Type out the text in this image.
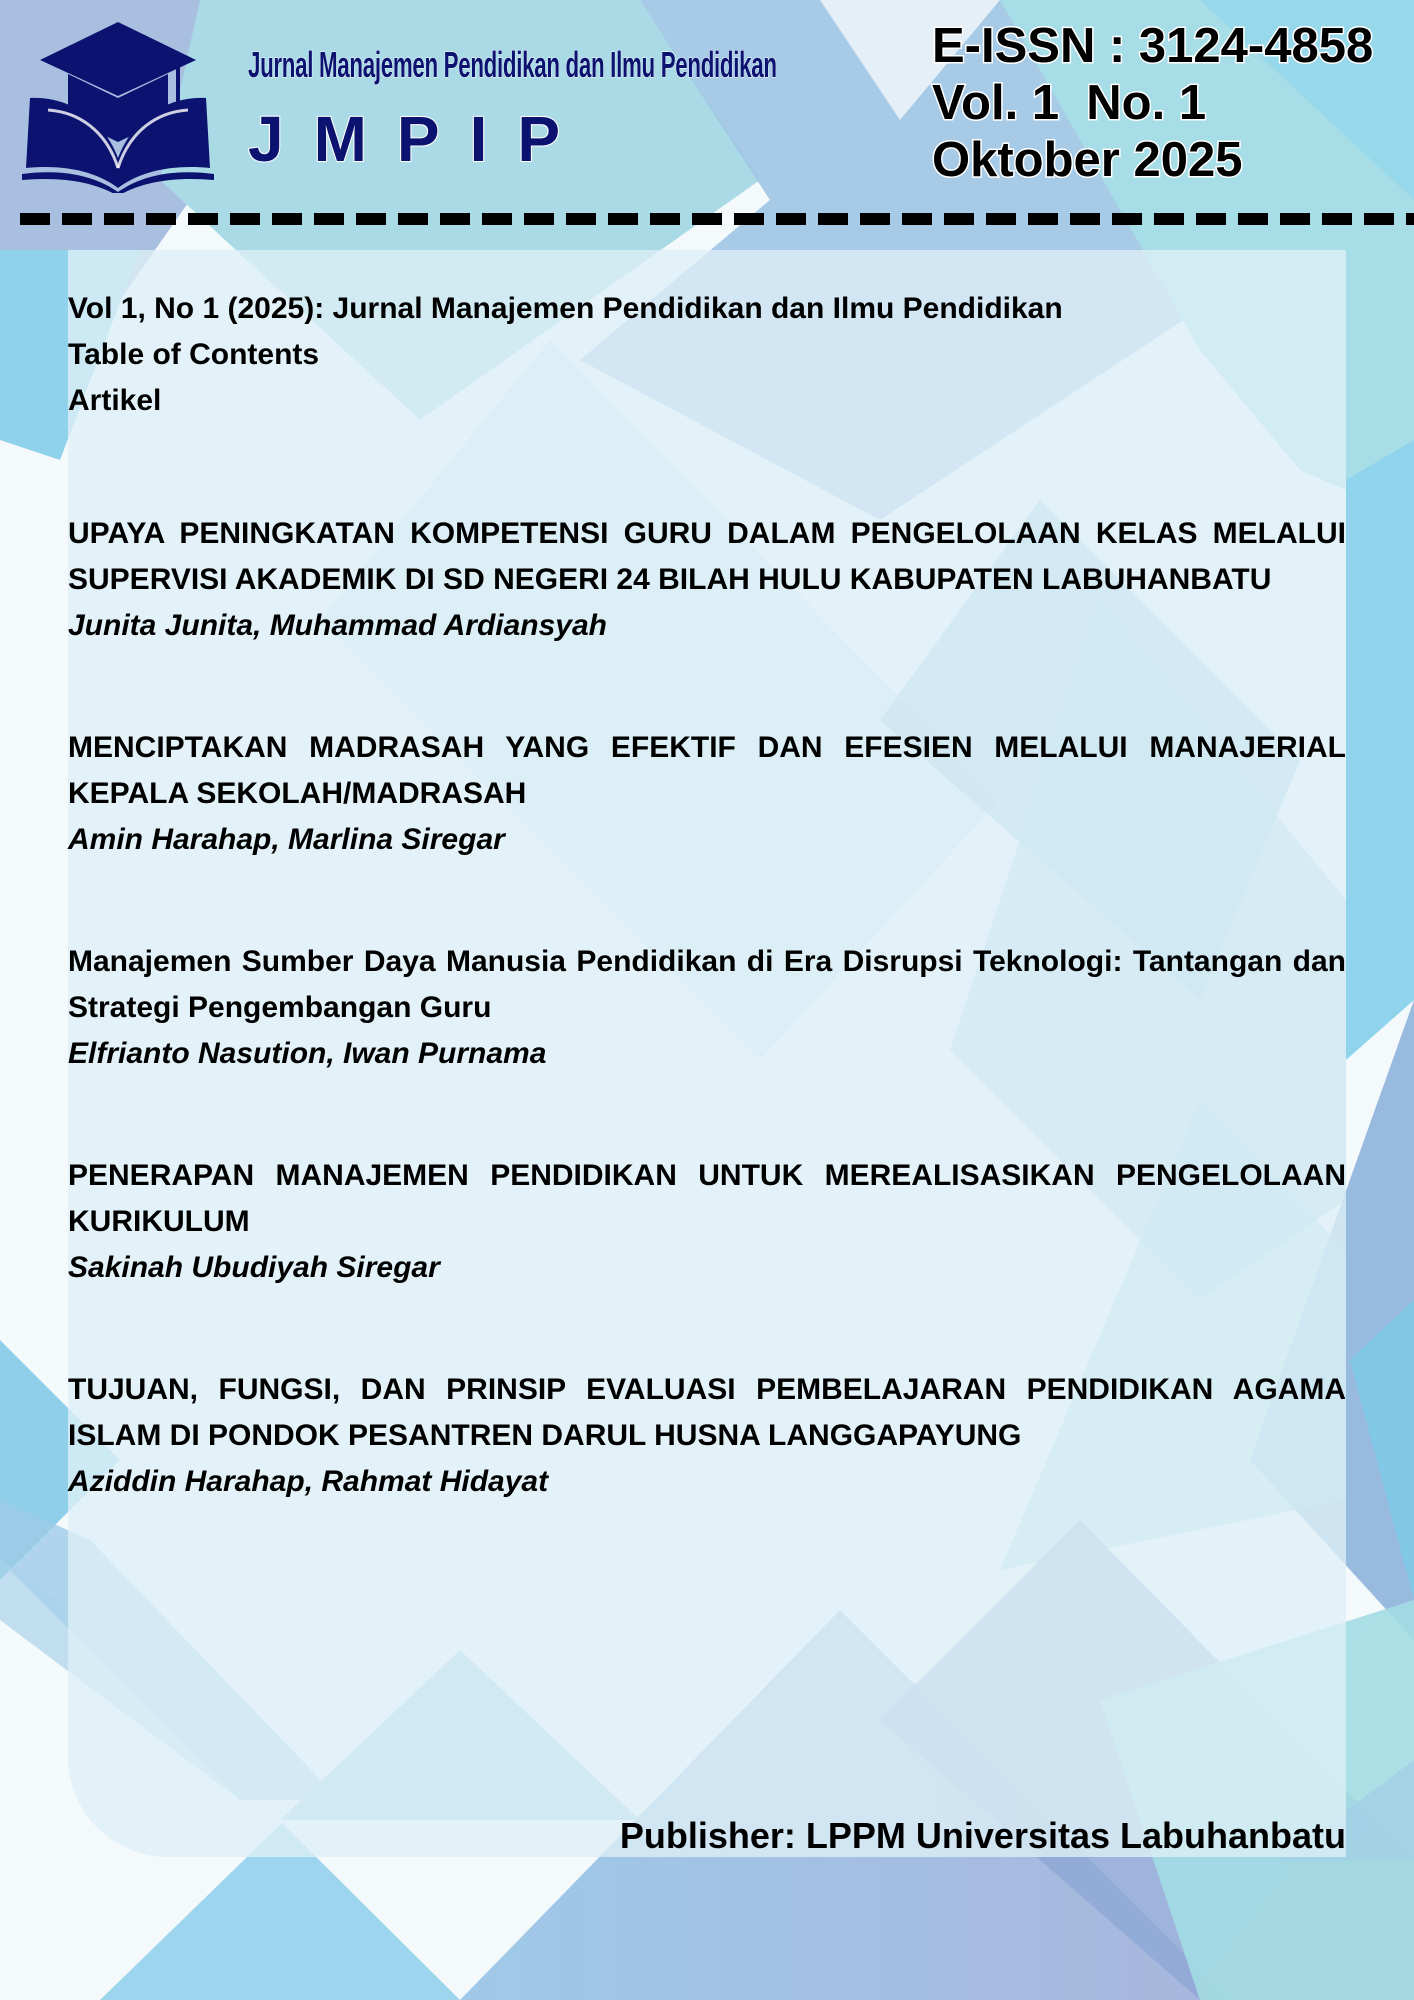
Jurnal Manajemen Pendidikan dan Ilmu Pendidikan
JMPIP
E-ISSN : 3124-4858
Vol. 1  No. 1
Oktober 2025
Vol 1, No 1 (2025): Jurnal Manajemen Pendidikan dan Ilmu Pendidikan
Table of Contents
Artikel
UPAYA PENINGKATAN KOMPETENSI GURU DALAM PENGELOLAAN KELAS MELALUI SUPERVISI AKADEMIK DI SD NEGERI 24 BILAH HULU KABUPATEN LABUHANBATU
Junita Junita, Muhammad Ardiansyah
MENCIPTAKAN MADRASAH YANG EFEKTIF DAN EFESIEN MELALUI MANAJERIAL KEPALA SEKOLAH/MADRASAH
Amin Harahap, Marlina Siregar
Manajemen Sumber Daya Manusia Pendidikan di Era Disrupsi Teknologi: Tantangan dan Strategi Pengembangan Guru
Elfrianto Nasution, Iwan Purnama
PENERAPAN MANAJEMEN PENDIDIKAN UNTUK MEREALISASIKAN PENGELOLAAN KURIKULUM
Sakinah Ubudiyah Siregar
TUJUAN, FUNGSI, DAN PRINSIP EVALUASI PEMBELAJARAN PENDIDIKAN AGAMA ISLAM DI PONDOK PESANTREN DARUL HUSNA LANGGAPAYUNG
Aziddin Harahap, Rahmat Hidayat
Publisher: LPPM Universitas Labuhanbatu
